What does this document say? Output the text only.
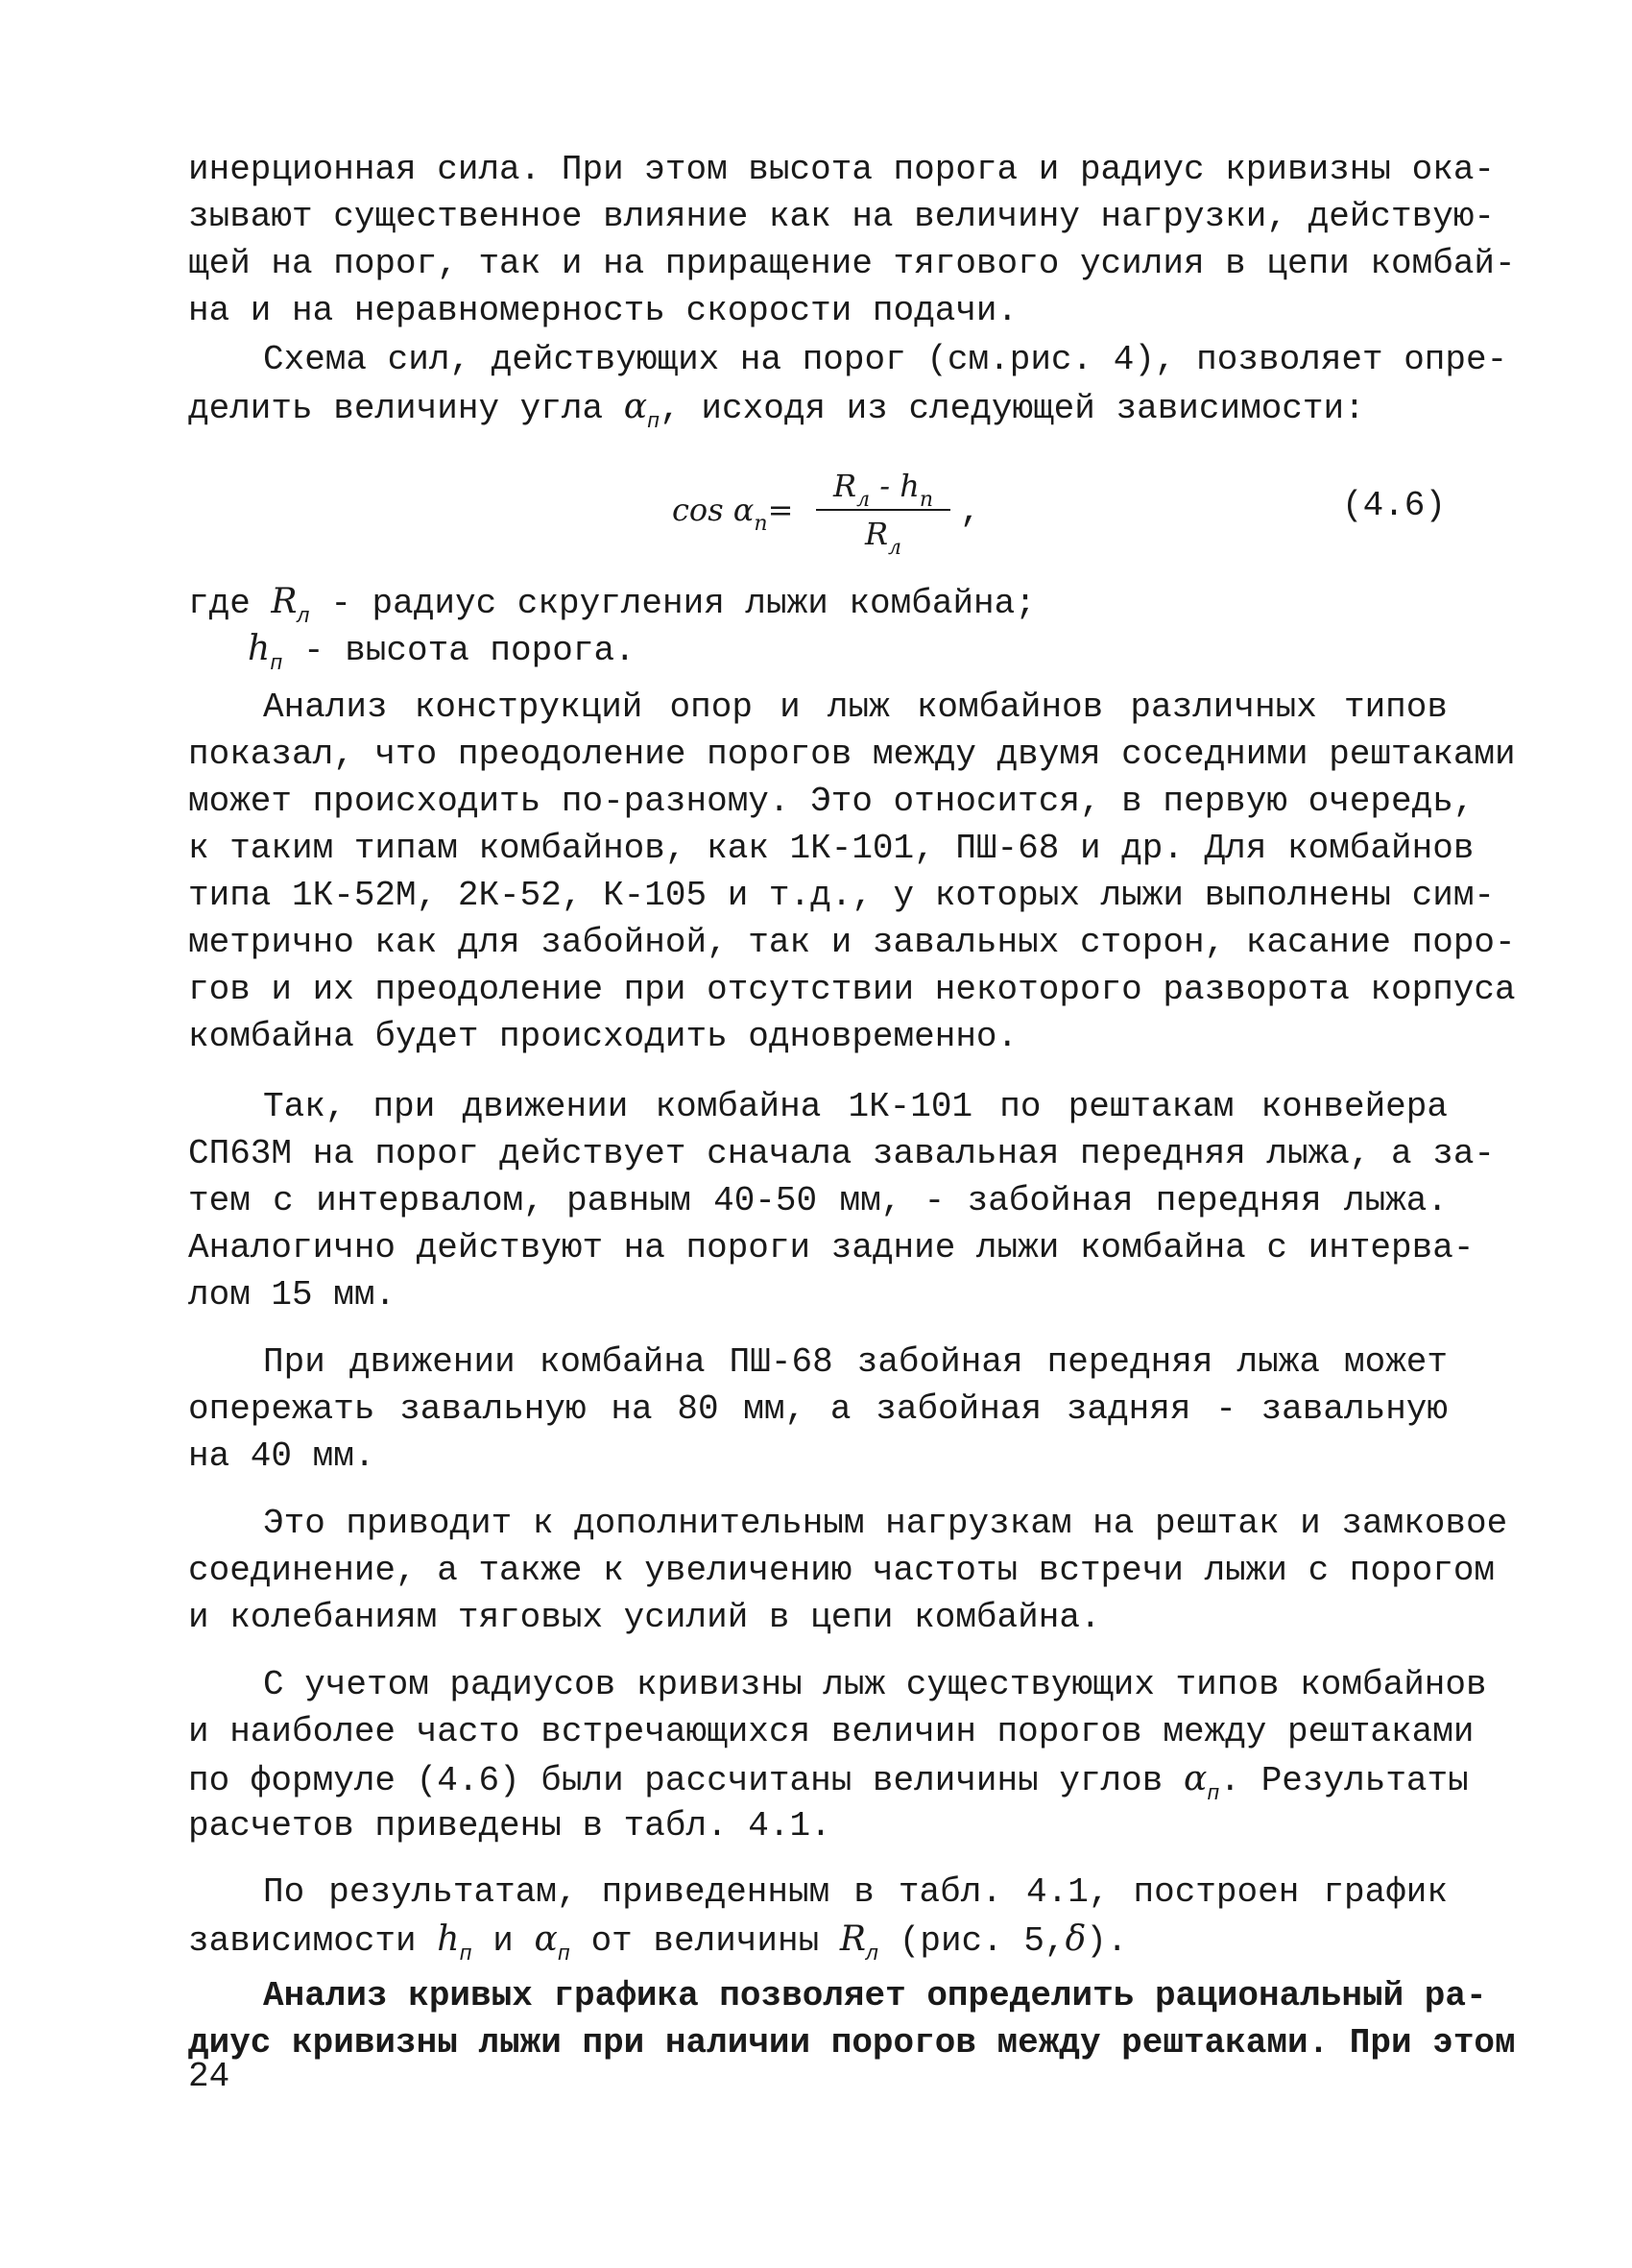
инерционная сила. При этом высота порога и радиус кривизны ока-
зывают существенное влияние как на величину нагрузки, действую-
щей на порог, так и на приращение тягового усилия в цепи комбай-
на и на неравномерность скорости подачи.
Схема сил, действующих на порог (см.рис. 4), позволяет опре-
делить величину угла $\alpha_п$, исходя из следующей зависимости:
$\cos \alpha_п=$
$R_л - h_п$
$R_л$
,	(4.6)
где $R_л$ - радиус скругления лыжи комбайна;
$h_п$ - высота порога.
Анализ конструкций опор и лыж комбайнов различных типов
показал, что преодоление порогов между двумя соседними рештаками
может происходить по-разному. Это относится, в первую очередь,
к таким типам комбайнов, как 1К-101, ПШ-68 и др. Для комбайнов
типа 1К-52М, 2К-52, К-105 и т.д., у которых лыжи выполнены сим-
метрично как для забойной, так и завальных сторон, касание поро-
гов и их преодоление при отсутствии некоторого разворота корпуса
комбайна будет происходить одновременно.
Так, при движении комбайна 1К-101 по рештакам конвейера
СП63М на порог действует сначала завальная передняя лыжа, а за-
тем с интервалом, равным 40-50 мм, - забойная передняя лыжа.
Аналогично действуют на пороги задние лыжи комбайна с интерва-
лом 15 мм.
При движении комбайна ПШ-68 забойная передняя лыжа может
опережать завальную на 80 мм, а забойная задняя - завальную
на 40 мм.
Это приводит к дополнительным нагрузкам на рештак и замковое
соединение, а также к увеличению частоты встречи лыжи с порогом
и колебаниям тяговых усилий в цепи комбайна.
С учетом радиусов кривизны лыж существующих типов комбайнов
и наиболее часто встречающихся величин порогов между рештаками
по формуле (4.6) были рассчитаны величины углов $\alpha_п$. Результаты
расчетов приведены в табл. 4.1.
По результатам, приведенным в табл. 4.1, построен график
зависимости $h_п$ и $\alpha_п$ от величины $R_л$ (рис. 5,δ).
Анализ кривых графика позволяет определить рациональный ра-
диус кривизны лыжи при наличии порогов между рештаками. При этом
24
